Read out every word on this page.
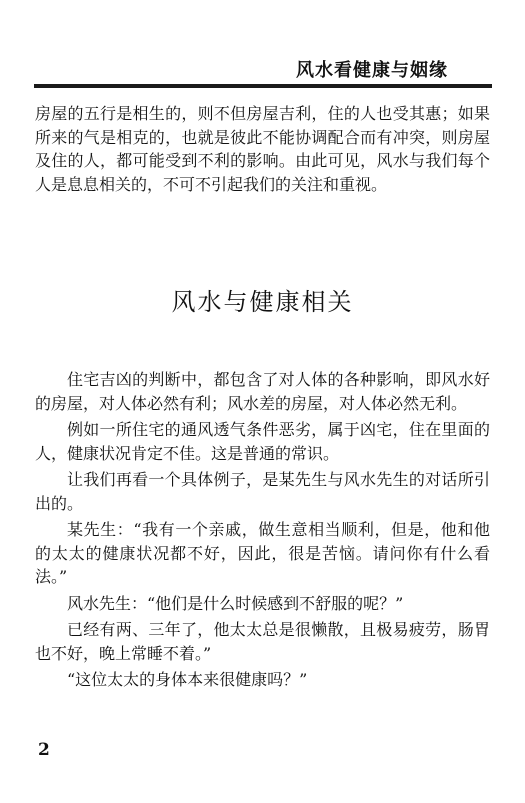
风水看健康与姻缘

房屋的五行是相生的，则不但房屋吉利，住的人也受其惠；如果所来的气是相克的，也就是彼此不能协调配合而有冲突，则房屋及住的人，都可能受到不利的影响。由此可见，风水与我们每个人是息息相关的，不可不引起我们的关注和重视。

风水与健康相关

住宅吉凶的判断中，都包含了对人体的各种影响，即风水好的房屋，对人体必然有利；风水差的房屋，对人体必然无利。

例如一所住宅的通风透气条件恶劣，属于凶宅，住在里面的人，健康状况肯定不佳。这是普通的常识。

让我们再看一个具体例子，是某先生与风水先生的对话所引出的。

某先生：“我有一个亲戚，做生意相当顺利，但是，他和他的太太的健康状况都不好，因此，很是苦恼。请问你有什么看法。”

风水先生：“他们是什么时候感到不舒服的呢？”

已经有两、三年了，他太太总是很懒散，且极易疲劳，肠胃也不好，晚上常睡不着。”

“这位太太的身体本来很健康吗？”

2
